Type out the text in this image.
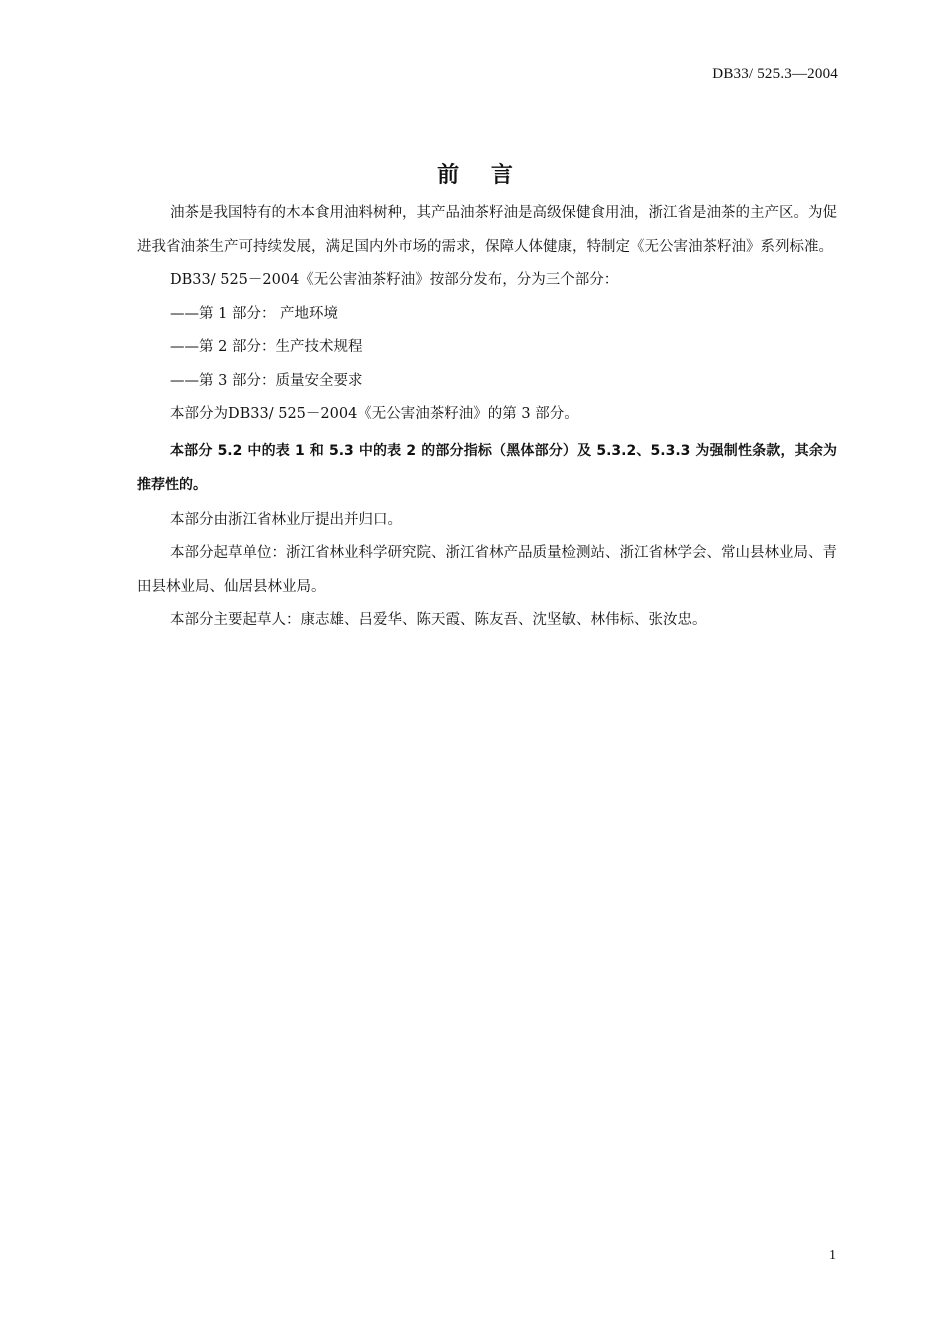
DB33/ 525.3—2004
前 言

油茶是我国特有的木本食用油料树种，其产品油茶籽油是高级保健食用油，浙江省是油茶的主产区。为促进我省油茶生产可持续发展，满足国内外市场的需求，保障人体健康，特制定《无公害油茶籽油》系列标准。

DB33/ 525－2004《无公害油茶籽油》按部分发布，分为三个部分：

——第 1 部分： 产地环境

——第 2 部分：生产技术规程

——第 3 部分：质量安全要求

本部分为DB33/ 525－2004《无公害油茶籽油》的第 3 部分。

本部分 5.2 中的表 1 和 5.3 中的表 2 的部分指标（黑体部分）及 5.3.2、5.3.3 为强制性条款，其余为推荐性的。

本部分由浙江省林业厅提出并归口。

本部分起草单位：浙江省林业科学研究院、浙江省林产品质量检测站、浙江省林学会、常山县林业局、青田县林业局、仙居县林业局。

本部分主要起草人：康志雄、吕爱华、陈天霞、陈友吾、沈坚敏、林伟标、张汝忠。

1
